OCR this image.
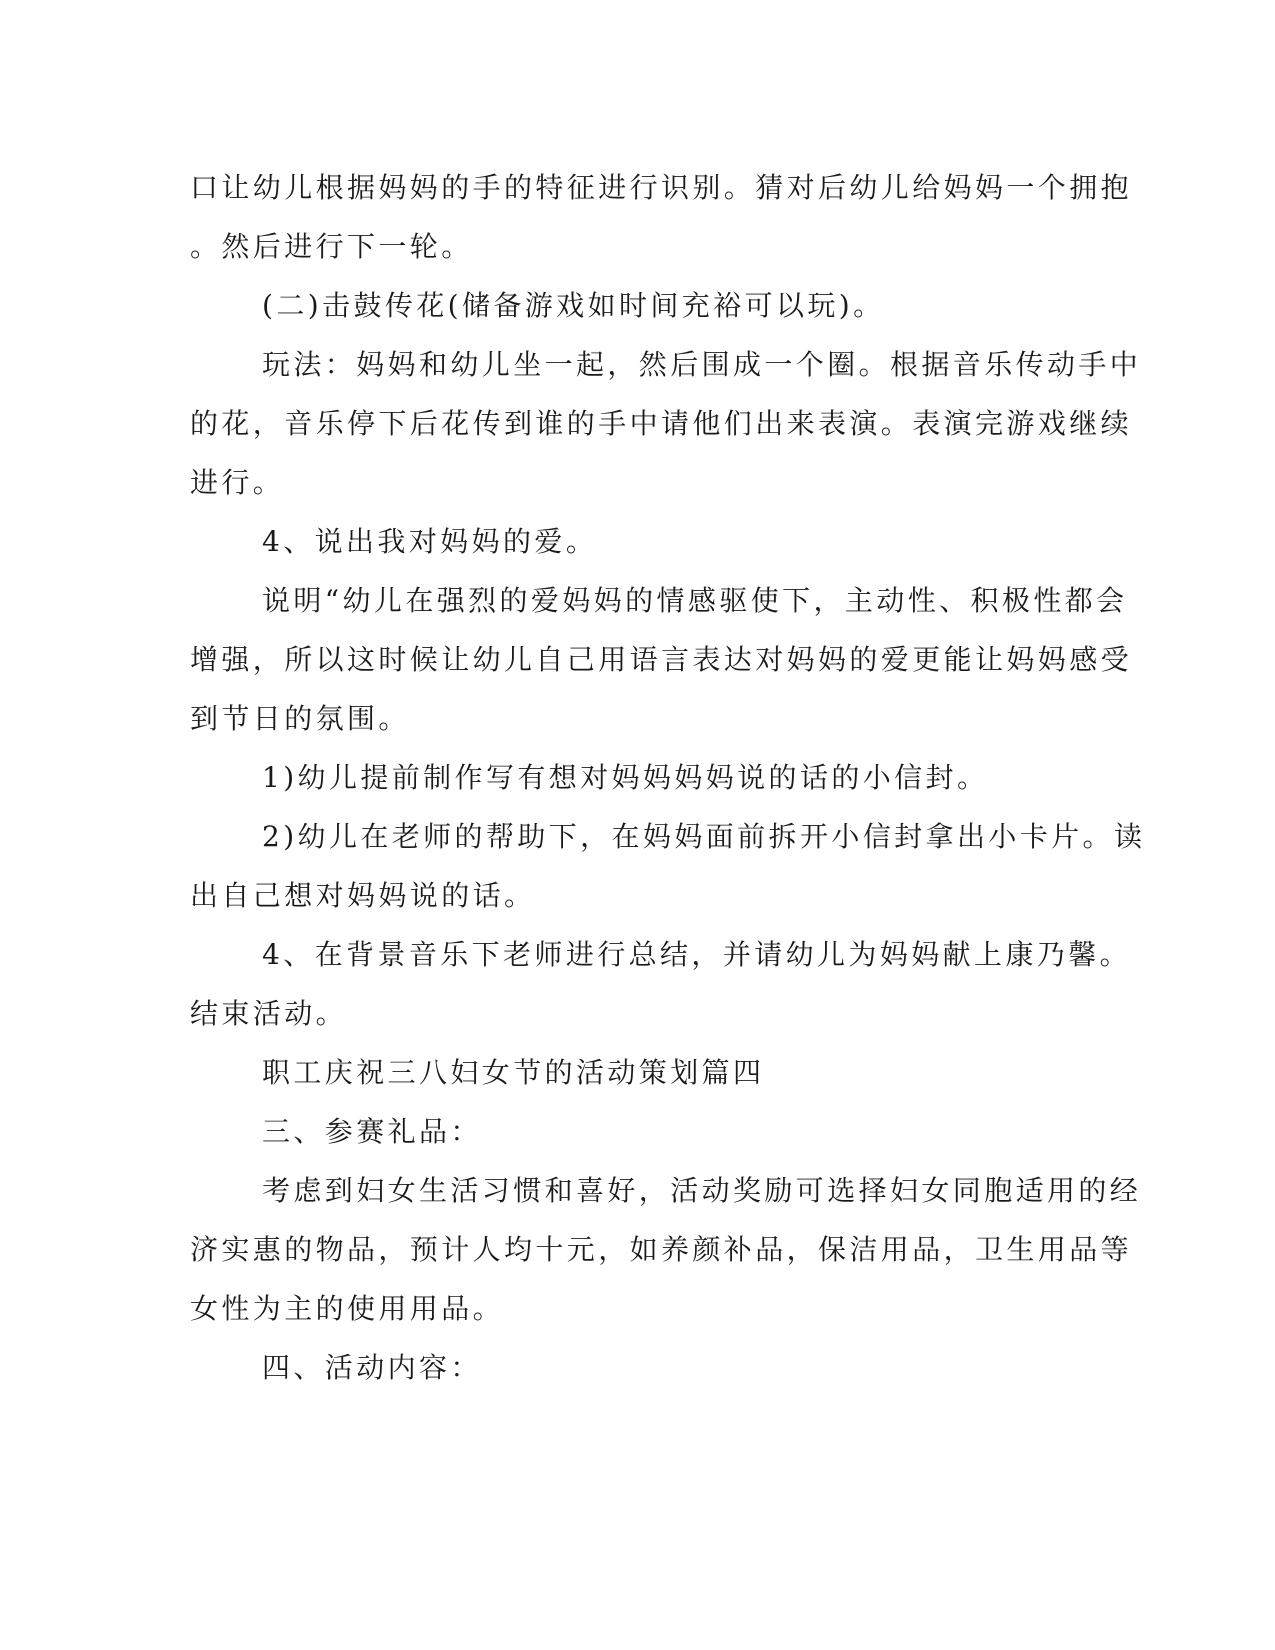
口让幼儿根据妈妈的手的特征进行识别。猜对后幼儿给妈妈一个拥抱
。然后进行下一轮。
(二)击鼓传花(储备游戏如时间充裕可以玩)。
玩法：妈妈和幼儿坐一起，然后围成一个圈。根据音乐传动手中
的花，音乐停下后花传到谁的手中请他们出来表演。表演完游戏继续
进行。
4、说出我对妈妈的爱。
说明“幼儿在强烈的爱妈妈的情感驱使下，主动性、积极性都会
增强，所以这时候让幼儿自己用语言表达对妈妈的爱更能让妈妈感受
到节日的氛围。
1)幼儿提前制作写有想对妈妈妈妈说的话的小信封。
2)幼儿在老师的帮助下，在妈妈面前拆开小信封拿出小卡片。读
出自己想对妈妈说的话。
4、在背景音乐下老师进行总结，并请幼儿为妈妈献上康乃馨。
结束活动。
职工庆祝三八妇女节的活动策划篇四
三、参赛礼品：
考虑到妇女生活习惯和喜好，活动奖励可选择妇女同胞适用的经
济实惠的物品，预计人均十元，如养颜补品，保洁用品，卫生用品等
女性为主的使用用品。
四、活动内容：
